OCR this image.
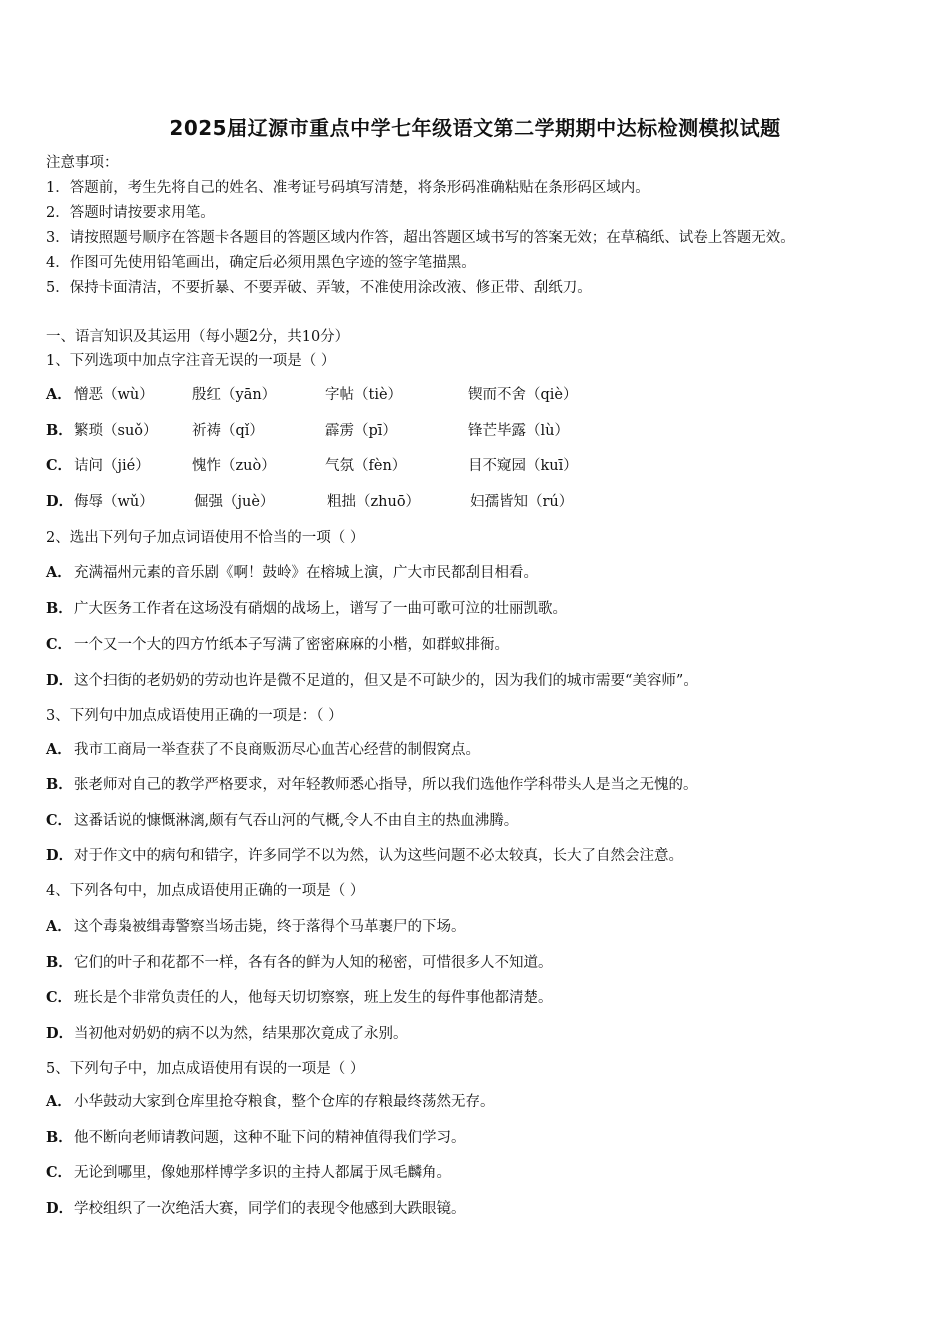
2025届辽源市重点中学七年级语文第二学期期中达标检测模拟试题
注意事项：
1．答题前，考生先将自己的姓名、准考证号码填写清楚，将条形码准确粘贴在条形码区域内。
2．答题时请按要求用笔。
3．请按照题号顺序在答题卡各题目的答题区域内作答，超出答题区域书写的答案无效；在草稿纸、试卷上答题无效。
4．作图可先使用铅笔画出，确定后必须用黑色字迹的签字笔描黑。
5．保持卡面清洁，不要折暴、不要弄破、弄皱，不准使用涂改液、修正带、刮纸刀。
一、语言知识及其运用（每小题2分，共10分）
1、下列选项中加点字注音无误的一项是（ ）
A． 憎恶（wù）	殷红（yān）	字帖（tiè）	锲而不舍（qiè）
B． 繁琐（suǒ） 祈祷（qǐ）	霹雳（pī）	锋芒毕露（lù）
C． 诘问（jié）	愧怍（zuò）	气氛（fèn）	目不窥园（kuī）
D． 侮辱（wǔ）	倔强（juè）	粗拙（zhuō）	妇孺皆知（rú）
2、选出下列句子加点词语使用不恰当的一项（ ）
A． 充满福州元素的音乐剧《啊！鼓岭》在榕城上演，广大市民都刮目相看。
B．广大医务工作者在这场没有硝烟的战场上，谱写了一曲可歌可泣的壮丽凯歌。
C． 一个又一个大的四方竹纸本子写满了密密麻麻的小楷，如群蚁排衙。
D．这个扫街的老奶奶的劳动也许是微不足道的，但又是不可缺少的，因为我们的城市需要“美容师”。
3、下列句中加点成语使用正确的一项是：（ ）
A． 我市工商局一举查获了不良商贩沥尽心血苦心经营的制假窝点。
B．张老师对自己的教学严格要求，对年轻教师悉心指导，所以我们选他作学科带头人是当之无愧的。
C． 这番话说的慷慨淋漓,颇有气吞山河的气概,令人不由自主的热血沸腾。
D．对于作文中的病句和错字，许多同学不以为然，认为这些问题不必太较真，长大了自然会注意。
4、下列各句中，加点成语使用正确的一项是（ ）
A． 这个毒枭被缉毒警察当场击毙，终于落得个马革裹尸的下场。
B．它们的叶子和花都不一样，各有各的鲜为人知的秘密，可惜很多人不知道。
C． 班长是个非常负责任的人，他每天切切察察，班上发生的每件事他都清楚。
D．当初他对奶奶的病不以为然，结果那次竟成了永别。
5、下列句子中，加点成语使用有误的一项是（ ）
A． 小华鼓动大家到仓库里抢夺粮食，整个仓库的存粮最终荡然无存。
B．他不断向老师请教问题，这种不耻下问的精神值得我们学习。
C． 无论到哪里，像她那样博学多识的主持人都属于凤毛麟角。
D．学校组织了一次绝活大赛，同学们的表现令他感到大跌眼镜。
